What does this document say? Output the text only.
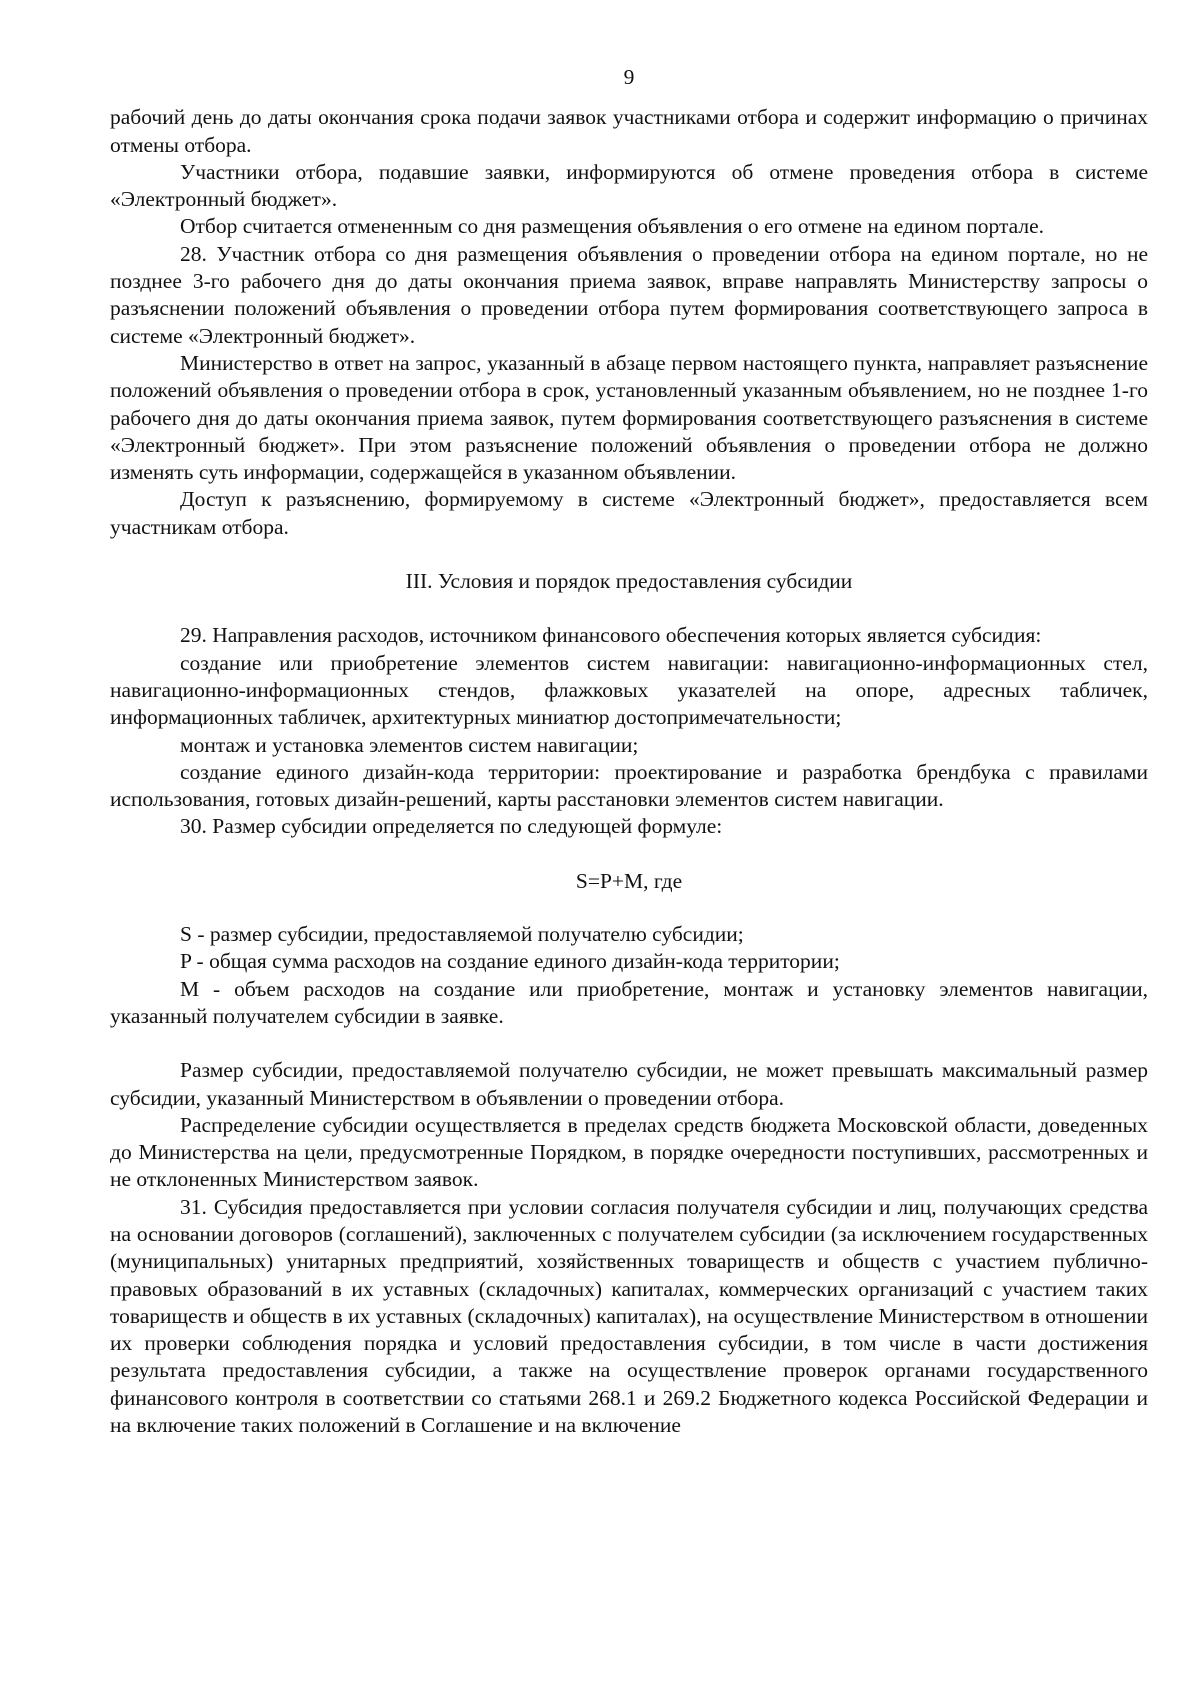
9

рабочий день до даты окончания срока подачи заявок участниками отбора и содержит информацию о причинах отмены отбора.

Участники отбора, подавшие заявки, информируются об отмене проведения отбора в системе «Электронный бюджет».

Отбор считается отмененным со дня размещения объявления о его отмене на едином портале.

28. Участник отбора со дня размещения объявления о проведении отбора на едином портале, но не позднее 3-го рабочего дня до даты окончания приема заявок, вправе направлять Министерству запросы о разъяснении положений объявления о проведении отбора путем формирования соответствующего запроса в системе «Электронный бюджет».

Министерство в ответ на запрос, указанный в абзаце первом настоящего пункта, направляет разъяснение положений объявления о проведении отбора в срок, установленный указанным объявлением, но не позднее 1-го рабочего дня до даты окончания приема заявок, путем формирования соответствующего разъяснения в системе «Электронный бюджет». При этом разъяснение положений объявления о проведении отбора не должно изменять суть информации, содержащейся в указанном объявлении.

Доступ к разъяснению, формируемому в системе «Электронный бюджет», предоставляется всем участникам отбора.

III. Условия и порядок предоставления субсидии

29. Направления расходов, источником финансового обеспечения которых является субсидия:

создание или приобретение элементов систем навигации: навигационно-информационных стел, навигационно-информационных стендов, флажковых указателей на опоре, адресных табличек, информационных табличек, архитектурных миниатюр достопримечательности;

монтаж и установка элементов систем навигации;

создание единого дизайн-кода территории: проектирование и разработка брендбука с правилами использования, готовых дизайн-решений, карты расстановки элементов систем навигации.

30. Размер субсидии определяется по следующей формуле:

S=P+M, где

S - размер субсидии, предоставляемой получателю субсидии;

P - общая сумма расходов на создание единого дизайн-кода территории;

M - объем расходов на создание или приобретение, монтаж и установку элементов навигации, указанный получателем субсидии в заявке.

Размер субсидии, предоставляемой получателю субсидии, не может превышать максимальный размер субсидии, указанный Министерством в объявлении о проведении отбора.

Распределение субсидии осуществляется в пределах средств бюджета Московской области, доведенных до Министерства на цели, предусмотренные Порядком, в порядке очередности поступивших, рассмотренных и не отклоненных Министерством заявок.

31. Субсидия предоставляется при условии согласия получателя субсидии и лиц, получающих средства на основании договоров (соглашений), заключенных с получателем субсидии (за исключением государственных (муниципальных) унитарных предприятий, хозяйственных товариществ и обществ с участием публично-правовых образований в их уставных (складочных) капиталах, коммерческих организаций с участием таких товариществ и обществ в их уставных (складочных) капиталах), на осуществление Министерством в отношении их проверки соблюдения порядка и условий предоставления субсидии, в том числе в части достижения результата предоставления субсидии, а также на осуществление проверок органами государственного финансового контроля в соответствии со статьями 268.1 и 269.2 Бюджетного кодекса Российской Федерации и на включение таких положений в Соглашение и на включение
